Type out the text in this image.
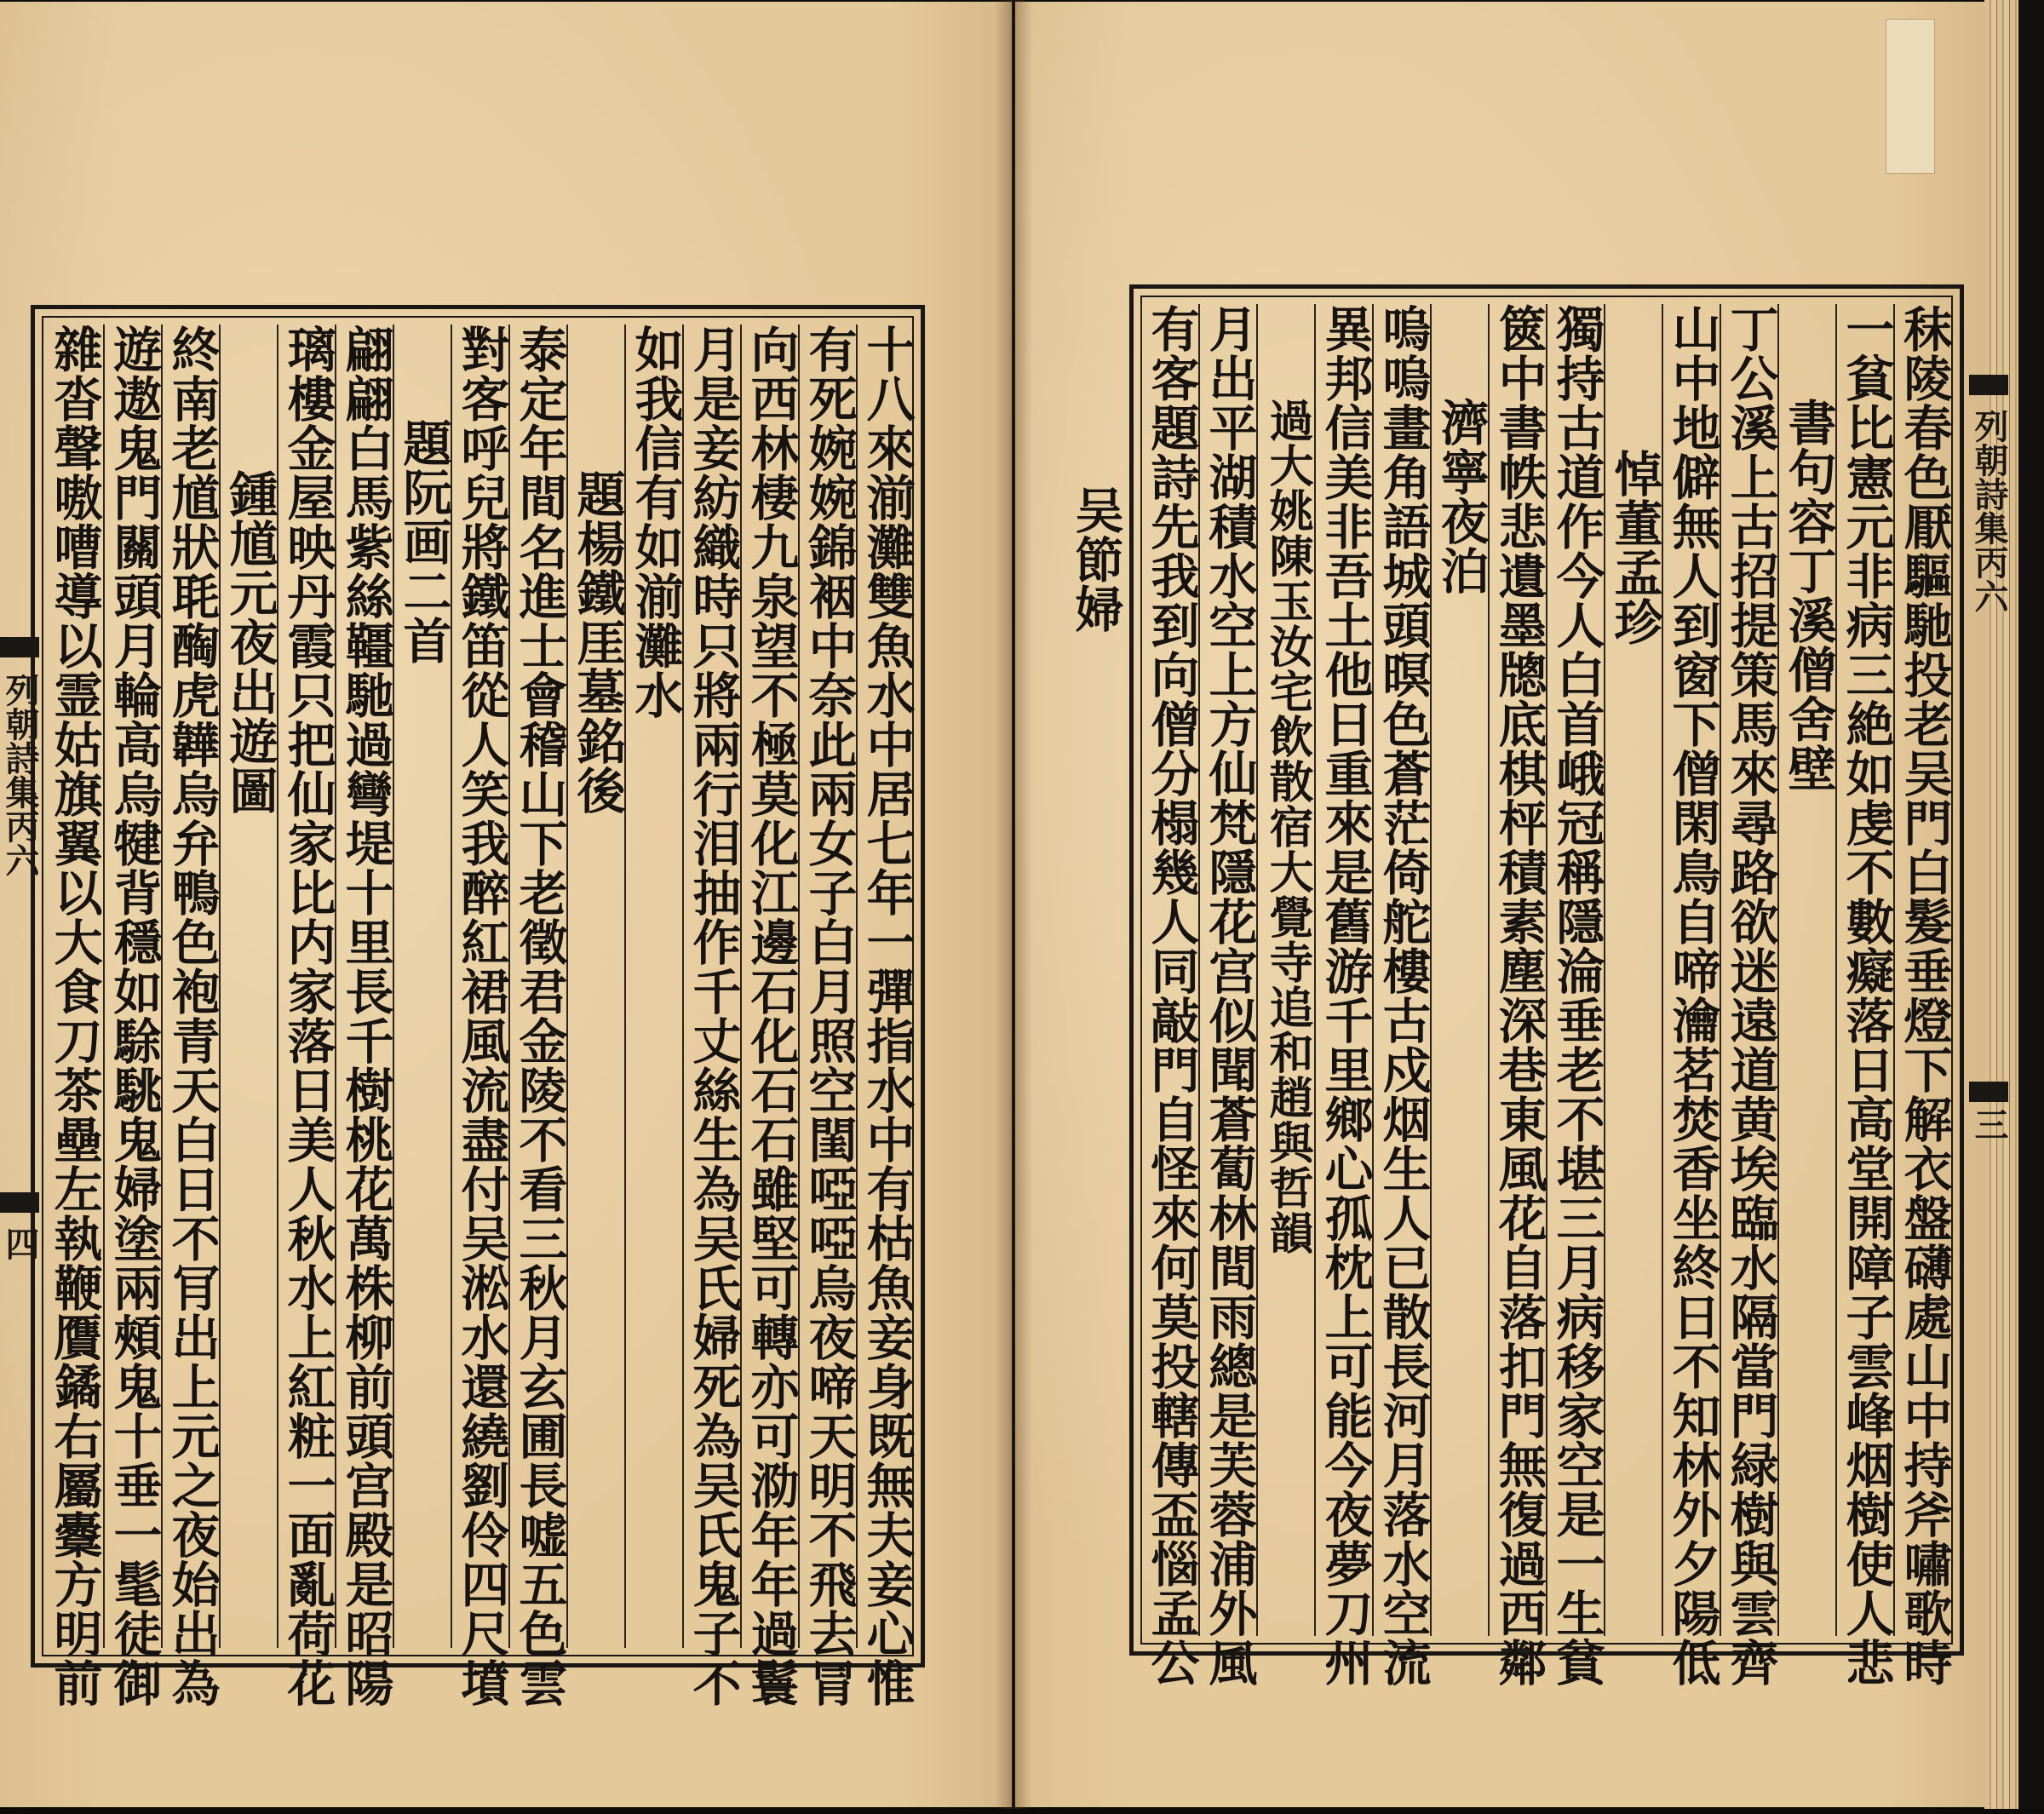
十八來湔灘雙魚水中居七年一彈指水中有枯魚妾身既無夫妾心惟
有死婉婉錦裀中奈此兩女子白月照空閨啞啞烏夜啼天明不飛去冐
向西林棲九泉望不極莫化江邊石化石石雖堅可轉亦可泐年年過鬟
月是妾紡織時只將兩行泪抽作千丈絲生為吴氏婦死為吴氏鬼子不
如我信有如湔灘水
題楊鐵厓墓銘後
泰定年間名進士會稽山下老徵君金陵不看三秋月玄圃長嘘五色雲
對客呼兒將鐵笛從人笑我醉紅裙風流盡付吴淞水還繞劉伶四尺墳
題阮画二首
翩翩白馬紫絲韁馳過彎堤十里長千樹桃花萬株柳前頭宫殿是昭陽
璃樓金屋映丹霞只把仙家比内家落日美人秋水上紅粧一面亂荷花
鍾馗元夜出遊圖
終南老馗狀毦醄虎韡烏弁鴨色袍青天白日不肎出上元之夜始出為
遊遨鬼門關頭月輪高烏犍背穩如駼駣鬼婦塗兩頰鬼十垂一髦徒御
雜沓聲嗷嘈導以霊姑旗翼以大食刀茶壘左執鞭贋鐍右屬櫜方明前
列朝詩集丙六
四	秣陵春色厭驅馳投老吴門白髮垂燈下解衣盤礴處山中持斧嘯歌時
一貧比憲元非病三絶如虔不數癡落日高堂開障子雲峰烟樹使人悲
書句容丁溪僧舍壁
丁公溪上古招提策馬來尋路欲迷遠道黄埃臨水隔當門緑樹與雲齊
山中地僻無人到窗下僧閑鳥自啼瀹茗焚香坐終日不知林外夕陽低
悼董孟珍
獨持古道作今人白首峨冠稱隱淪垂老不堪三月病移家空是一生貧
篋中書帙悲遺墨牕底棋枰積素塵深巷東風花自落扣門無復過西鄰
濟寧夜泊
嗚嗚畫角語城頭暝色蒼茫倚舵樓古戍烟生人已散長河月落水空流
異邦信美非吾土他日重來是舊游千里鄉心孤枕上可能今夜夢刀州
過大姚陳玉汝宅飲散宿大覺寺追和趙與哲韻
月出平湖積水空上方仙梵隱花宫似聞蒼蔔林間雨總是芙蓉浦外風
有客題詩先我到向僧分榻幾人同敲門自怪來何莫投轄傳盃惱孟公
吴節婦	列朝詩集丙六
三
